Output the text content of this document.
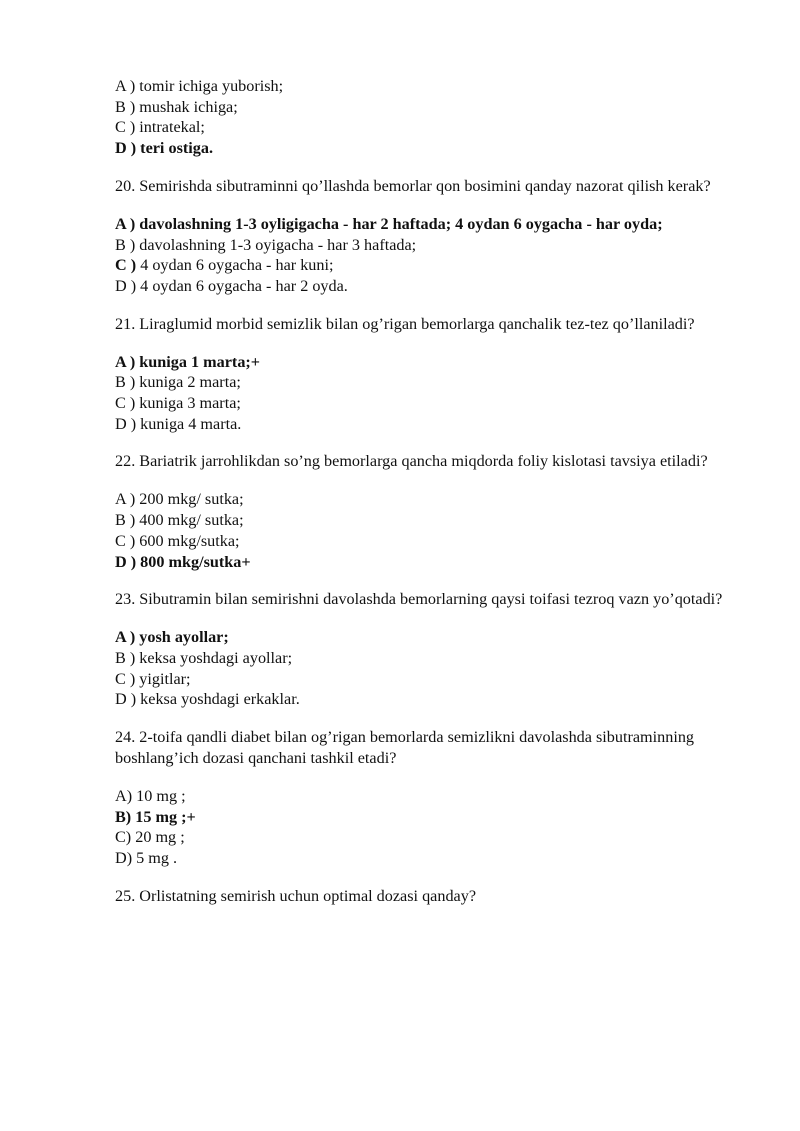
A ) tomir ichiga yuborish;
B ) mushak ichiga;
C ) intratekal;
D ) teri ostiga.
20. Semirishda sibutraminni qo’llashda bemorlar qon bosimini qanday nazorat qilish kerak?
A ) davolashning 1-3 oyligigacha - har 2 haftada; 4 oydan 6 oygacha - har oyda;
B ) davolashning 1-3 oyigacha - har 3 haftada;
C ) 4 oydan 6 oygacha - har kuni;
D ) 4 oydan 6 oygacha - har 2 oyda.
21. Liraglumid morbid semizlik bilan og’rigan bemorlarga qanchalik tez-tez qo’llaniladi?
A ) kuniga 1 marta;+
B ) kuniga 2 marta;
C ) kuniga 3 marta;
D ) kuniga 4 marta.
22. Bariatrik jarrohlikdan so’ng bemorlarga qancha miqdorda foliy kislotasi tavsiya etiladi?
A ) 200 mkg/ sutka;
B ) 400 mkg/ sutka;
C ) 600 mkg/sutka;
D ) 800 mkg/sutka+
23. Sibutramin bilan semirishni davolashda bemorlarning qaysi toifasi tezroq vazn yo’qotadi?
A ) yosh ayollar;
B ) keksa yoshdagi ayollar;
C ) yigitlar;
D ) keksa yoshdagi erkaklar.
24. 2-toifa qandli diabet bilan og’rigan bemorlarda semizlikni davolashda sibutraminning boshlang’ich dozasi qanchani tashkil etadi?
A) 10 mg ;
B) 15 mg ;+
C) 20 mg ;
D) 5 mg .
25. Orlistatning semirish uchun optimal dozasi qanday?
